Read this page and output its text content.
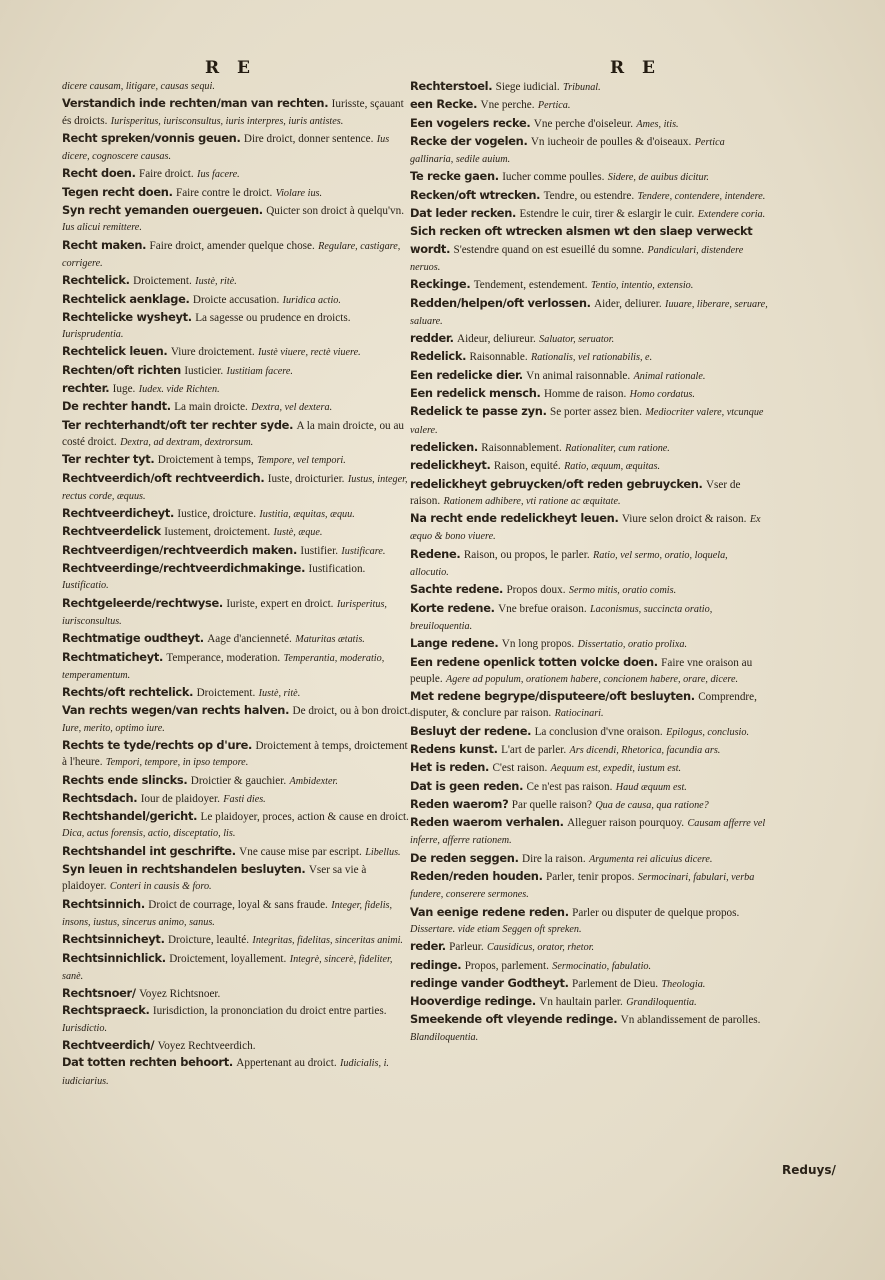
R E	R E

dicere causam, litigare, causas sequi.

Verstandich inde rechten/man van rechten. Iurisste, sçauant és droicts. Iurisperitus, iurisconsultus, iuris interpres, iuris antistes.

Recht spreken/vonnis geuen. Dire droict, donner sentence. Ius dicere, cognoscere causas.

Recht doen. Faire droict. Ius facere.

Tegen recht doen. Faire contre le droict. Violare ius.

Syn recht yemanden ouergeuen. Quicter son droict à quelqu'vn. Ius alicui remittere.

Recht maken. Faire droict, amender quelque chose. Regulare, castigare, corrigere.

Rechtelick. Droictement. Iustè, ritè.

Rechtelick aenklage. Droicte accusation. Iuridica actio.

Rechtelicke wysheyt. La sagesse ou prudence en droicts. Iurisprudentia.

Rechtelick leuen. Viure droictement. Iustè viuere, rectè viuere.

Rechten/oft richten Iusticier. Iustitiam facere.

rechter. Iuge. Iudex. vide Richten.

De rechter handt. La main droicte. Dextra, vel dextera.

Ter rechterhandt/oft ter rechter syde. A la main droicte, ou au costé droict. Dextra, ad dextram, dextrorsum.

Ter rechter tyt. Droictement à temps, Tempore, vel tempori.

Rechtveerdich/oft rechtveerdich. Iuste, droicturier. Iustus, integer, rectus corde, æquus.

Rechtveerdicheyt. Iustice, droicture. Iustitia, æquitas, æquu.

Rechtveerdelick Iustement, droictement. Iustè, æque.

Rechtveerdigen/rechtveerdich maken. Iustifier. Iustificare.

Rechtveerdinge/rechtveerdichmakinge. Iustification. Iustificatio.

Rechtgeleerde/rechtwyse. Iuriste, expert en droict. Iurisperitus, iurisconsultus.

Rechtmatige oudtheyt. Aage d'ancienneté. Maturitas ætatis.

Rechtmaticheyt. Temperance, moderation. Temperantia, moderatio, temperamentum.

Rechts/oft rechtelick. Droictement. Iustè, ritè.

Van rechts wegen/van rechts halven. De droict, ou à bon droict. Iure, merito, optimo iure.

Rechts te tyde/rechts op d'ure. Droictement à temps, droictement à l'heure. Tempori, tempore, in ipso tempore.

Rechts ende slincks. Droictier & gauchier. Ambidexter.

Rechtsdach. Iour de plaidoyer. Fasti dies.

Rechtshandel/gericht. Le plaidoyer, proces, action & cause en droict. Dica, actus forensis, actio, disceptatio, lis.

Rechtshandel int geschrifte. Vne cause mise par escript. Libellus.

Syn leuen in rechtshandelen besluyten. Vser sa vie à plaidoyer. Conteri in causis & foro.

Rechtsinnich. Droict de courrage, loyal & sans fraude. Integer, fidelis, insons, iustus, sincerus animo, sanus.

Rechtsinnicheyt. Droicture, leaulté. Integritas, fidelitas, sinceritas animi.

Rechtsinnichlick. Droictement, loyallement. Integrè, sincerè, fideliter, sanè.

Rechtsnoer/ Voyez Richtsnoer.

Rechtspraeck. Iurisdiction, la prononciation du droict entre parties. Iurisdictio.

Rechtveerdich/ Voyez Rechtveerdich.

Dat totten rechten behoort. Appertenant au droict. Iudicialis, i. iudiciarius.

Rechterstoel. Siege iudicial. Tribunal.

een Recke. Vne perche. Pertica.

Een vogelers recke. Vne perche d'oiseleur. Ames, itis.

Recke der vogelen. Vn iucheoir de poulles & d'oiseaux. Pertica gallinaria, sedile auium.

Te recke gaen. Iucher comme poulles. Sidere, de auibus dicitur.

Recken/oft wtrecken. Tendre, ou estendre. Tendere, contendere, intendere.

Dat leder recken. Estendre le cuir, tirer & eslargir le cuir. Extendere coria.

Sich recken oft wtrecken alsmen wt den slaep verweckt wordt. S'estendre quand on est esueillé du somne. Pandiculari, distendere neruos.

Reckinge. Tendement, estendement. Tentio, intentio, extensio.

Redden/helpen/oft verlossen. Aider, deliurer. Iuuare, liberare, seruare, saluare.

redder. Aideur, deliureur. Saluator, seruator.

Redelick. Raisonnable. Rationalis, vel rationabilis, e.

Een redelicke dier. Vn animal raisonnable. Animal rationale.

Een redelick mensch. Homme de raison. Homo cordatus.

Redelick te passe zyn. Se porter assez bien. Mediocriter valere, vtcunque valere.

redelicken. Raisonnablement. Rationaliter, cum ratione.

redelickheyt. Raison, equité. Ratio, æquum, æquitas.

redelickheyt gebruycken/oft reden gebruycken. Vser de raison. Rationem adhibere, vti ratione ac æquitate.

Na recht ende redelickheyt leuen. Viure selon droict & raison. Ex æquo & bono viuere.

Redene. Raison, ou propos, le parler. Ratio, vel sermo, oratio, loquela, allocutio.

Sachte redene. Propos doux. Sermo mitis, oratio comis.

Korte redene. Vne brefue oraison. Laconismus, succincta oratio, breuiloquentia.

Lange redene. Vn long propos. Dissertatio, oratio prolixa.

Een redene openlick totten volcke doen. Faire vne oraison au peuple. Agere ad populum, orationem habere, concionem habere, orare, dicere.

Met redene begrype/disputeere/oft besluyten. Comprendre, disputer, & conclure par raison. Ratiocinari.

Besluyt der redene. La conclusion d'vne oraison. Epilogus, conclusio.

Redens kunst. L'art de parler. Ars dicendi, Rhetorica, facundia ars.

Het is reden. C'est raison. Aequum est, expedit, iustum est.

Dat is geen reden. Ce n'est pas raison. Haud æquum est.

Reden waerom? Par quelle raison? Qua de causa, qua ratione?

Reden waerom verhalen. Alleguer raison pourquoy. Causam afferre vel inferre, afferre rationem.

De reden seggen. Dire la raison. Argumenta rei alicuius dicere.

Reden/reden houden. Parler, tenir propos. Sermocinari, fabulari, verba fundere, conserere sermones.

Van eenige redene reden. Parler ou disputer de quelque propos. Dissertare. vide etiam Seggen oft spreken.

reder. Parleur. Causidicus, orator, rhetor.

redinge. Propos, parlement. Sermocinatio, fabulatio.

redinge vander Godtheyt. Parlement de Dieu. Theologia.

Hooverdige redinge. Vn haultain parler. Grandiloquentia.

Smeekende oft vleyende redinge. Vn ablandissement de parolles. Blandiloquentia.

Reduys/
